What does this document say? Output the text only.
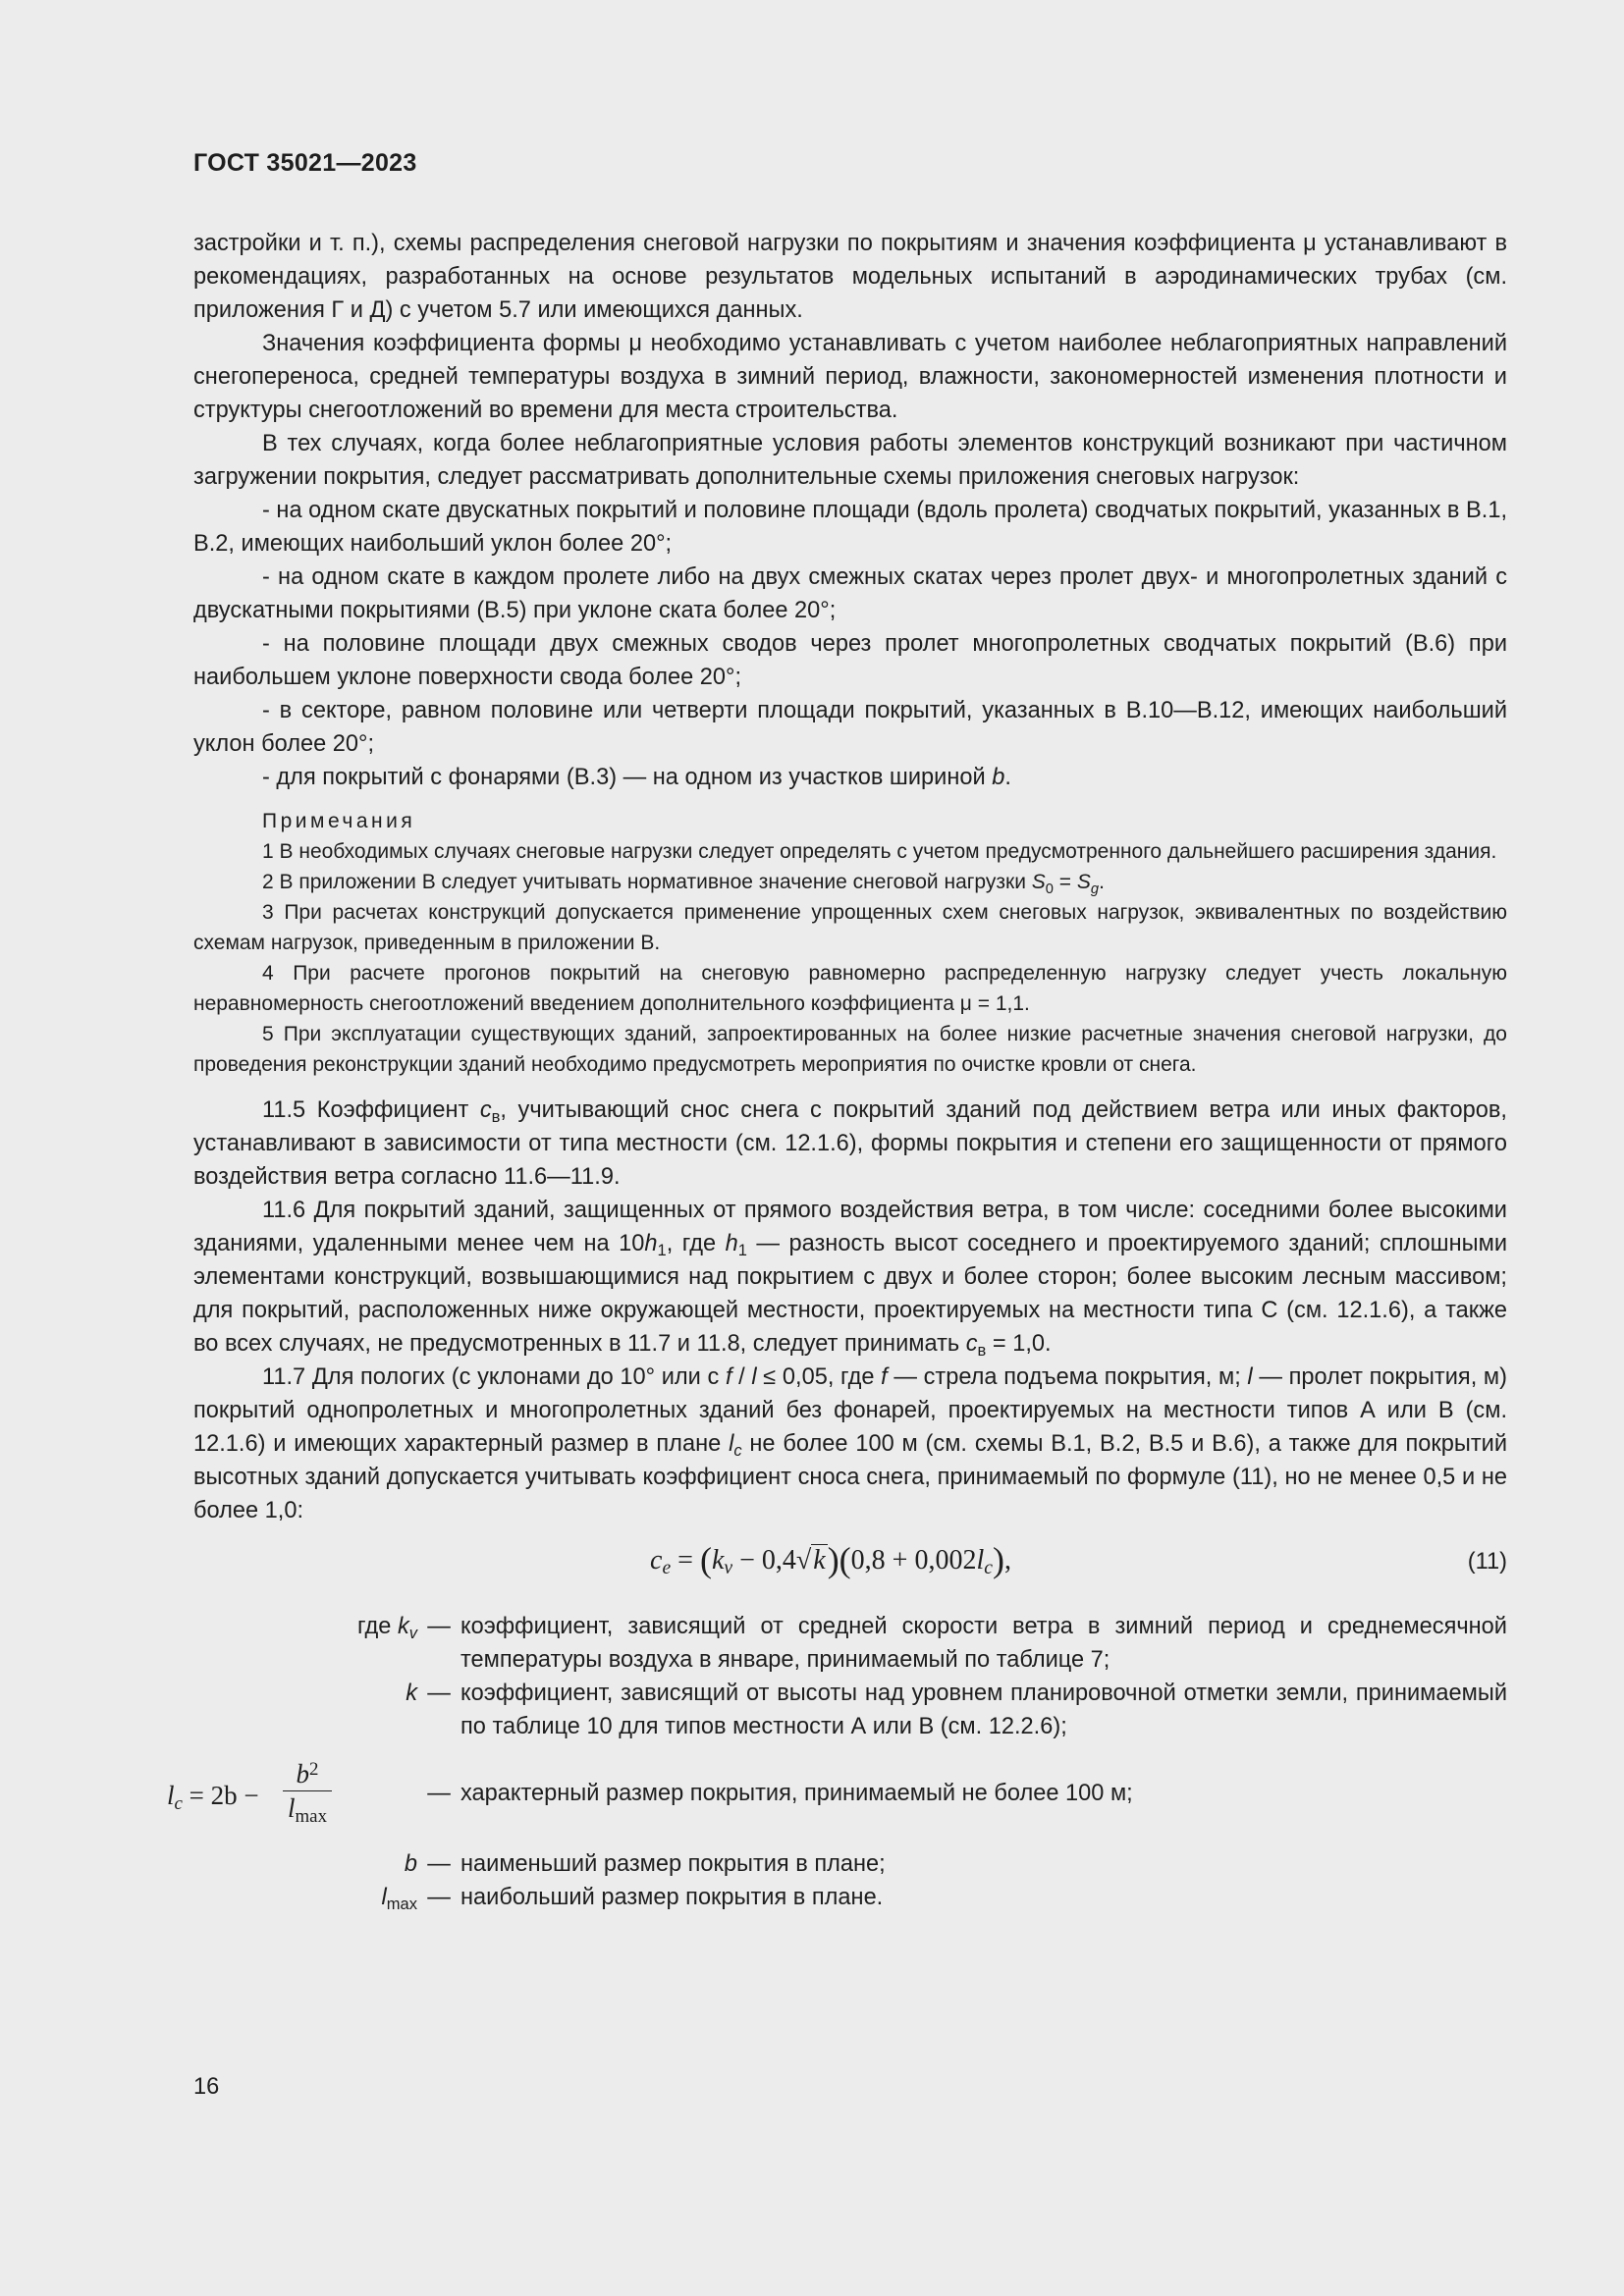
ГОСТ 35021—2023

застройки и т. п.), схемы распределения снеговой нагрузки по покрытиям и значения коэффициента μ устанавливают в рекомендациях, разработанных на основе результатов модельных испытаний в аэродинамических трубах (см. приложения Г и Д) с учетом 5.7 или имеющихся данных.

Значения коэффициента формы μ необходимо устанавливать с учетом наиболее неблагоприятных направлений снегопереноса, средней температуры воздуха в зимний период, влажности, закономерностей изменения плотности и структуры снегоотложений во времени для места строительства.

В тех случаях, когда более неблагоприятные условия работы элементов конструкций возникают при частичном загружении покрытия, следует рассматривать дополнительные схемы приложения снеговых нагрузок:

- на одном скате двускатных покрытий и половине площади (вдоль пролета) сводчатых покрытий, указанных в В.1, В.2, имеющих наибольший уклон более 20°;

- на одном скате в каждом пролете либо на двух смежных скатах через пролет двух- и многопролетных зданий с двускатными покрытиями (В.5) при уклоне ската более 20°;

- на половине площади двух смежных сводов через пролет многопролетных сводчатых покрытий (В.6) при наибольшем уклоне поверхности свода более 20°;

- в секторе, равном половине или четверти площади покрытий, указанных в В.10—В.12, имеющих наибольший уклон более 20°;

- для покрытий с фонарями (В.3) — на одном из участков шириной b.

Примечания

1 В необходимых случаях снеговые нагрузки следует определять с учетом предусмотренного дальнейшего расширения здания.

2 В приложении В следует учитывать нормативное значение снеговой нагрузки $S_0 = S_g$.

3 При расчетах конструкций допускается применение упрощенных схем снеговых нагрузок, эквивалентных по воздействию схемам нагрузок, приведенным в приложении В.

4 При расчете прогонов покрытий на снеговую равномерно распределенную нагрузку следует учесть локальную неравномерность снегоотложений введением дополнительного коэффициента μ = 1,1.

5 При эксплуатации существующих зданий, запроектированных на более низкие расчетные значения снеговой нагрузки, до проведения реконструкции зданий необходимо предусмотреть мероприятия по очистке кровли от снега.

11.5 Коэффициент $c_в$, учитывающий снос снега с покрытий зданий под действием ветра или иных факторов, устанавливают в зависимости от типа местности (см. 12.1.6), формы покрытия и степени его защищенности от прямого воздействия ветра согласно 11.6—11.9.

11.6 Для покрытий зданий, защищенных от прямого воздействия ветра, в том числе: соседними более высокими зданиями, удаленными менее чем на $10h_1$, где $h_1$ — разность высот соседнего и проектируемого зданий; сплошными элементами конструкций, возвышающимися над покрытием с двух и более сторон; более высоким лесным массивом; для покрытий, расположенных ниже окружающей местности, проектируемых на местности типа С (см. 12.1.6), а также во всех случаях, не предусмотренных в 11.7 и 11.8, следует принимать $c_в = 1,0$.

11.7 Для пологих (с уклонами до 10° или с f / l ≤ 0,05, где f — стрела подъема покрытия, м; l — пролет покрытия, м) покрытий однопролетных и многопролетных зданий без фонарей, проектируемых на местности типов А или В (см. 12.1.6) и имеющих характерный размер в плане $l_c$ не более 100 м (см. схемы В.1, В.2, В.5 и В.6), а также для покрытий высотных зданий допускается учитывать коэффициент сноса снега, принимаемый по формуле (11), но не менее 0,5 и не более 1,0:

$c_e = (k_v - 0,4√k)(0,8 + 0,002l_c)$,	(11)
где $k_v$ — коэффициент, зависящий от средней скорости ветра в зимний период и среднемесячной температуры воздуха в январе, принимаемый по таблице 7;
k — коэффициент, зависящий от высоты над уровнем планировочной отметки земли, принимаемый по таблице 10 для типов местности А или В (см. 12.2.6);
$l_c = 2b$ −
$b^2$
$l_{max}$
— характерный размер покрытия, принимаемый не более 100 м;
b — наименьший размер покрытия в плане;
$l_{max}$ — наибольший размер покрытия в плане.
16
